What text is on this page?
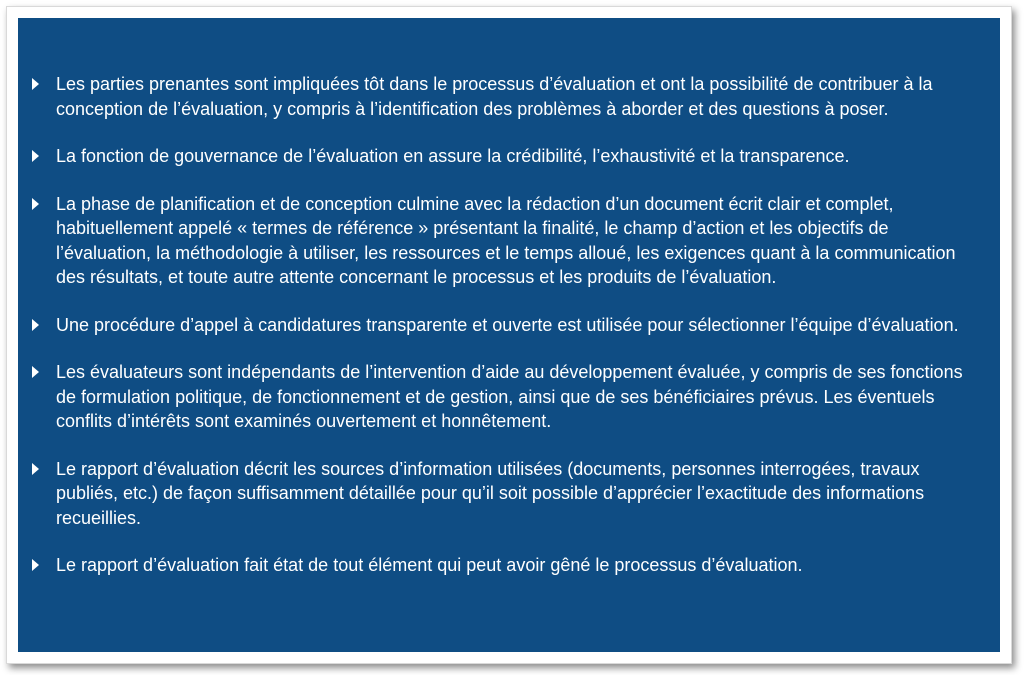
Les parties prenantes sont impliquées tôt dans le processus d’évaluation et ont la possibilité de contribuer à la conception de l’évaluation, y compris à l’identification des problèmes à aborder et des questions à poser.
La fonction de gouvernance de l’évaluation en assure la crédibilité, l’exhaustivité et la transparence.
La phase de planification et de conception culmine avec la rédaction d’un document écrit clair et complet, habituellement appelé « termes de référence » présentant la finalité, le champ d’action et les objectifs de l’évaluation, la méthodologie à utiliser, les ressources et le temps alloué, les exigences quant à la communication des résultats, et toute autre attente concernant le processus et les produits de l’évaluation.
Une procédure d’appel à candidatures transparente et ouverte est utilisée pour sélectionner l’équipe d’évaluation.
Les évaluateurs sont indépendants de l’intervention d’aide au développement évaluée, y compris de ses fonctions de formulation politique, de fonctionnement et de gestion, ainsi que de ses bénéficiaires prévus. Les éventuels conflits d’intérêts sont examinés ouvertement et honnêtement.
Le rapport d’évaluation décrit les sources d’information utilisées (documents, personnes interrogées, travaux publiés, etc.) de façon suffisamment détaillée pour qu’il soit possible d’apprécier l’exactitude des informations recueillies.
Le rapport d’évaluation fait état de tout élément qui peut avoir gêné le processus d’évaluation.
